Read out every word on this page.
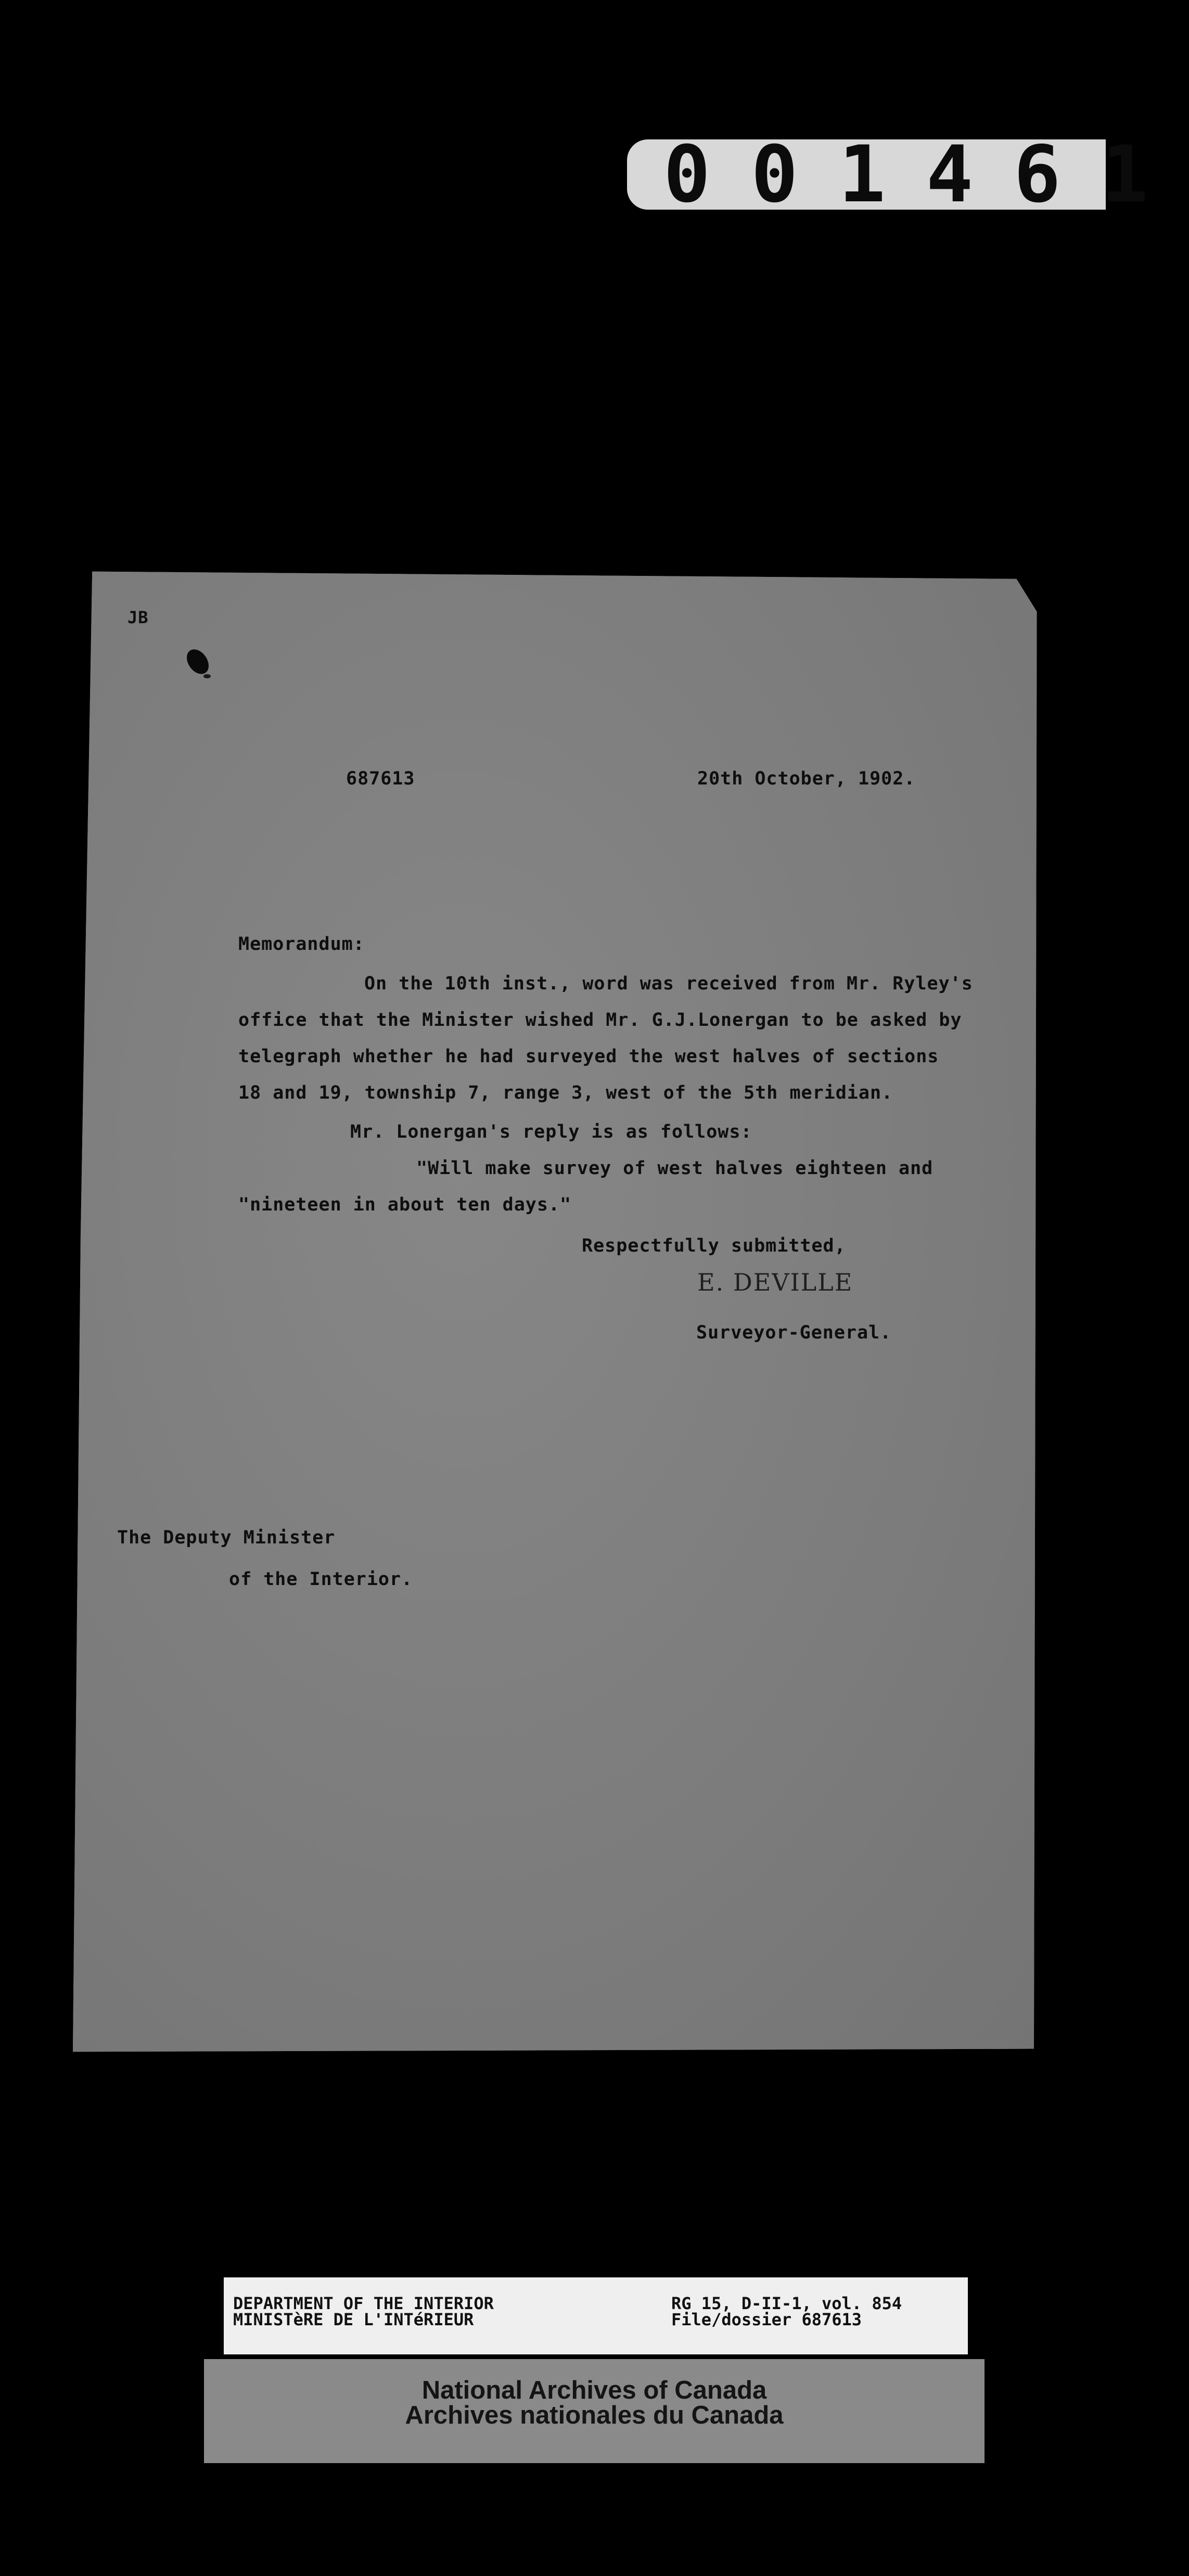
001461
JB
687613	20th October, 1902.
Memorandum:
On the 10th inst., word was received from Mr. Ryley's
office that the Minister wished Mr. G.J.Lonergan to be asked by
telegraph whether he had surveyed the west halves of sections
18 and 19, township 7, range 3, west of the 5th meridian.
Mr. Lonergan's reply is as follows:
"Will make survey of west halves eighteen and
"nineteen in about ten days."
Respectfully submitted,
E. DEVILLE
Surveyor-General.
The Deputy Minister
of the Interior.
DEPARTMENT OF THE INTERIOR
MINISTèRE DE L'INTéRIEUR
RG 15, D-II-1, vol. 854
File/dossier 687613
National Archives of Canada
Archives nationales du Canada
